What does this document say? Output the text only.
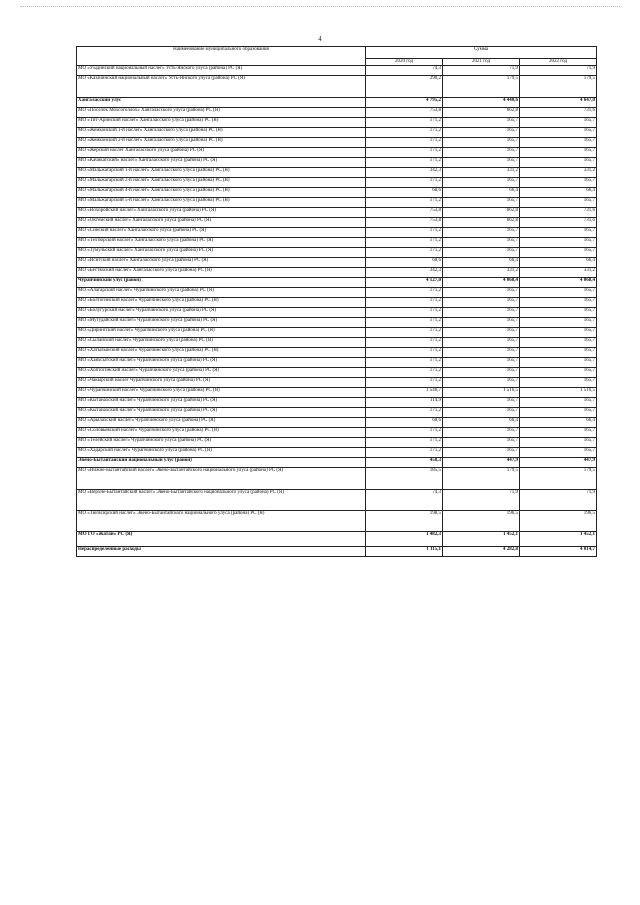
4
Наименование муниципального образования	Сумма		
	2020 год	2021 год	2022 год
МО «Уыдинский национальный наслег» Усть-Янского улуса (района) РС (Я)	74,3	71,9	71,9
МО «Казачинский национальный наслег» Усть-Янского улуса (района) РС (Я)	290,2	179,5	179,5
Хангаласский улус	4 795,2	4 440,6	4 647,0
МО «Поселок Мохсоголлох» Хангаласского улуса (района) РС (Я)	753,8	662,8	731,6
МО «Тит-Аринский наслег» Хангаласского улуса (района) РС (Я)	171,2	165,7	165,7
МО «Жемконский 1-й наслег» Хангаласского улуса (района) РС (Я)	171,2	165,7	165,7
МО «Жемконский 2-й наслег» Хангаласского улуса (района) РС (Я)	171,2	165,7	165,7
МО «Жерский наслег Хангаласского улуса (района) РС (Я)	171,2	165,7	165,7
МО «Качикатский» наслег» Хангаласского улуса (района) РС (Я)	171,2	165,7	165,7
МО «Мальжагарский 1-й наслег» Хангаласского улуса (района) РС (Я)	342,3	331,2	331,2
МО «Мальжагарский 2-й наслег» Хангаласского улуса (района) РС (Я)	171,2	165,7	165,7
МО «Мальжагарский 4-й наслег» Хангаласского улуса (района) РС (Я)	68,6	66,4	66,4
МО «Мальжагарский 5-й наслег» Хангаласского улуса (района) РС (Я)	171,2	165,7	165,7
МО «Нохоройский наслег» Хангаласского улуса (района) РС (Я)	753,8	662,8	731,6
МО «Октемский наслег» Хангаласского улуса (района) РС (Я)	753,8	662,8	731,6
МО «Синский наслег» Хангаласского улуса (района) РС (Я)	171,2	165,7	165,7
МО «Техтюрский наслег» Хангаласского улуса (района) РС (Я)	171,2	165,7	165,7
МО «Тумульский наслег» Хангаласского улуса (района) РС (Я)	171,2	165,7	165,7
МО «Иситский наслег» Хангаласского улуса (района) РС (Я)	68,6	66,4	66,4
МО «Бестяхский наслег» Хангаласского улуса (района) РС (Я)	342,3	331,2	331,2
Чурапчинский улус (район)	4 127,0	4 068,4	4 068,4
МО «Алагарский наслег» Чурапчинского улуса (района) РС (Я)	171,2	165,7	165,7
МО «Болтогинский наслег» Чурапчинского улуса (района) РС (Я)	171,2	165,7	165,7
МО «Болугурский наслег» Чурапчинского улуса (района) РС (Я)	171,2	165,7	165,7
МО «Мугудайский наслег» Чурапчинского улуса (района) РС (Я)	171,2	165,7	165,7
МО «Дирингский наслег» Чурапчинского улуса (района) РС (Я)	171,2	165,7	165,7
МО «Сыланский наслег» Чурапчинского улуса (района) РС (Я)	171,2	165,7	165,7
МО «Хатылынский наслег» Чурапчинского улуса (района) РС (Я)	171,2	165,7	165,7
МО «Хаяхсытский наслег» Чурапчинского улуса (района) РС (Я)	171,2	165,7	165,7
МО «Хоптогинский наслег» Чурапчинского улуса (района) РС (Я)	171,2	165,7	165,7
МО «Чакырский наслег Чурапчинского улуса (района) РС (Я)	171,2	165,7	165,7
МО «Чурапчинский наслег» Чурапчинского улуса (района) РС (Я)	1 546,7	1 516,5	1 516,5
МО «Кытанахский наслег» Чурапчинского улуса (района) РС (Я)	114,9	165,7	165,7
МО «Кытанахский наслег» Чурапчинского улуса (района) РС (Я)	171,2	165,7	165,7
МО «Арылахский наслег» Чурапчинского улуса (района) РС (Я)	68,6	66,4	66,4
МО «Соловьевский наслег» Чурапчинского улуса (района) РС (Я)	171,2	165,7	165,7
МО «Телейский наслег» Чурапчинского улуса (района) РС (Я)	171,2	165,7	165,7
МО «Хадарский наслег» Чурапчинского улуса (района) РС (Я)	171,2	165,7	165,7
Эвено-Бытантайский национальный улус (район)	458,3	447,9	447,9
МО «Нижне-Бытантайский наслег» Эвено-Бытантайского национального улуса (района) РС (Я)	185,5	179,5	179,5
МО «Верхне-Бытантайский наслег» Эвено-Бытантайского национального улуса (района) РС (Я)	74,3	71,9	71,9
МО «Тюгясирский наслег» Эвено-Бытантайского национального улуса (района) РС (Я)	198,5	196,5	196,5
МО ГО «Жатай» РС (Я)	1 482,3	1 452,1	1 452,1
Нераспределенные расходы	1 115,1	4 282,8	4 014,7
